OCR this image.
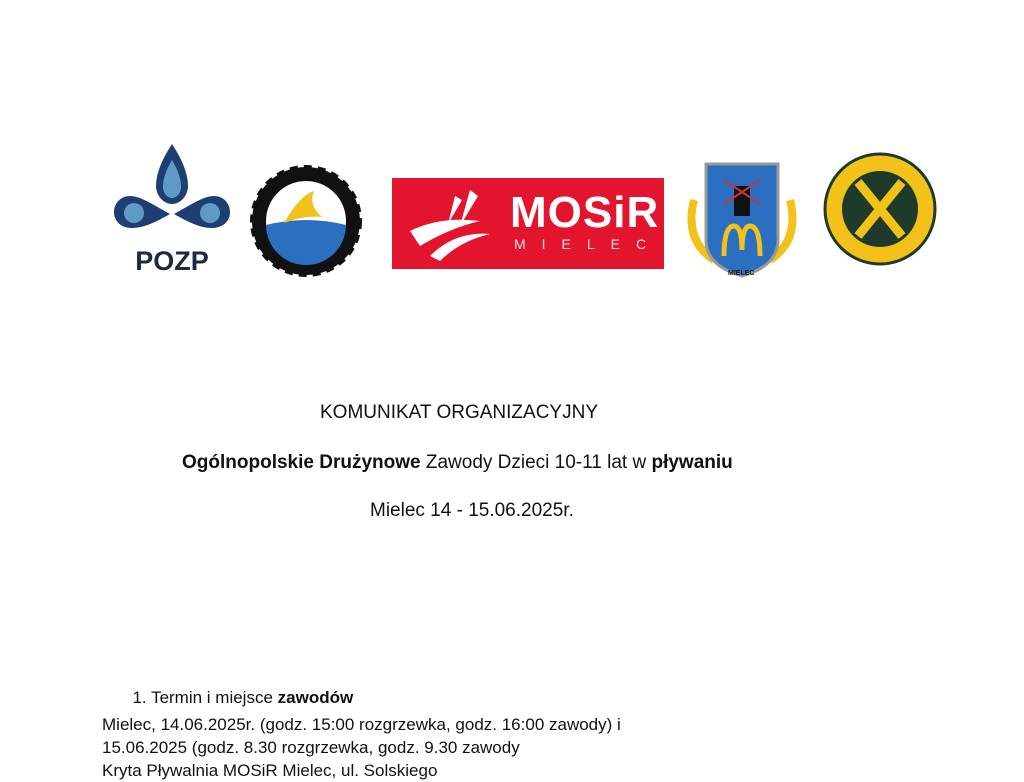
POZP
MOSiR
MIELEC
MIELEC
KOMUNIKAT ORGANIZACYJNY
Ogólnopolskie Drużynowe Zawody Dzieci 10-11 lat w pływaniu
Mielec 14 - 15.06.2025r.

1. Termin i miejsce zawodów

Mielec, 14.06.2025r. (godz. 15:00 rozgrzewka, godz. 16:00 zawody) i
15.06.2025 (godz. 8.30 rozgrzewka, godz. 9.30 zawody
Kryta Pływalnia MOSiR Mielec, ul. Solskiego
